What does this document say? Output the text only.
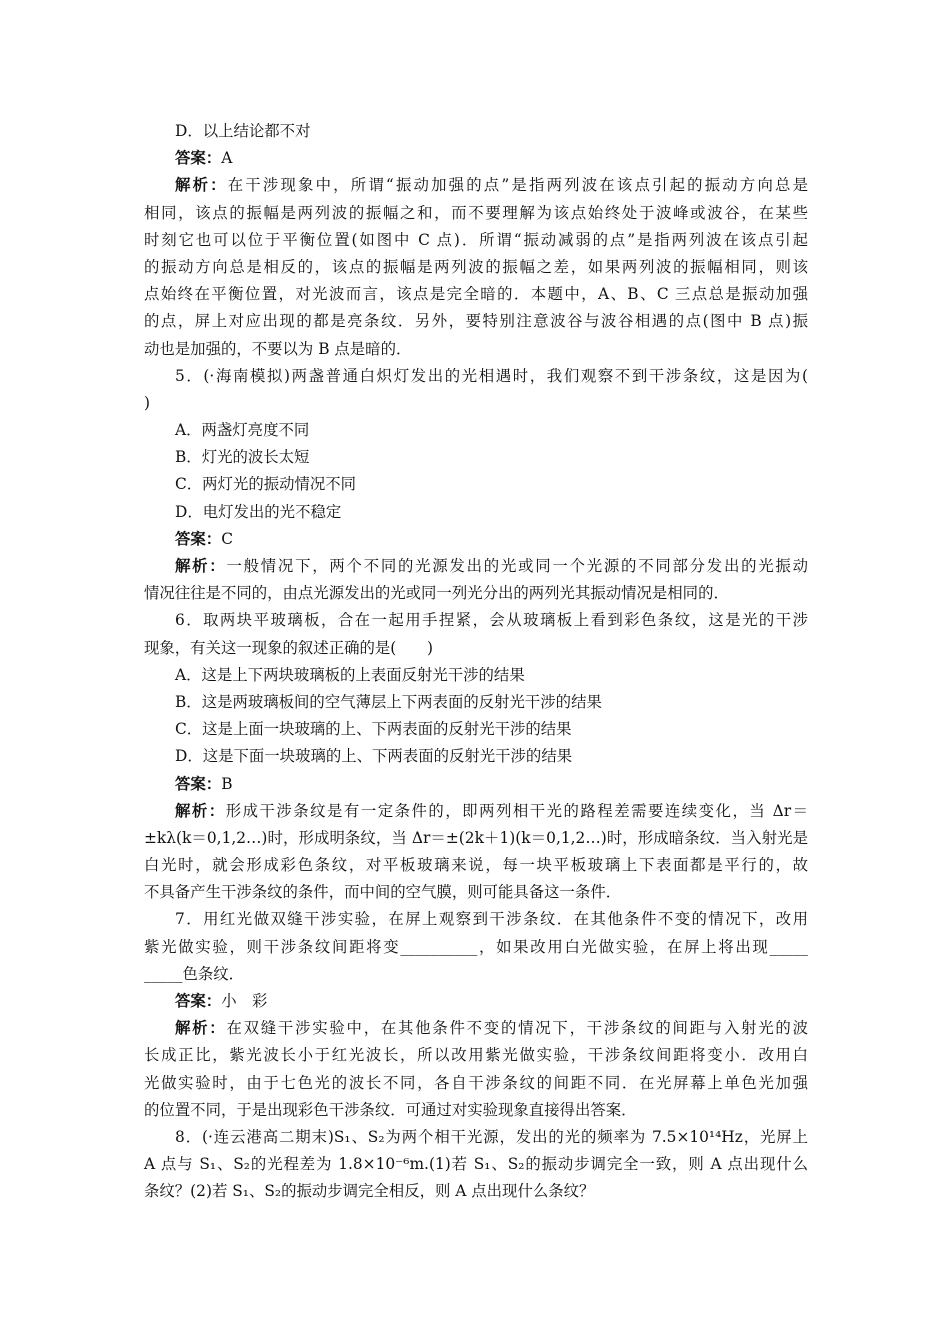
D．以上结论都不对
答案：A
解析：在干涉现象中，所谓“振动加强的点”是指两列波在该点引起的振动方向总是
相同，该点的振幅是两列波的振幅之和，而不要理解为该点始终处于波峰或波谷，在某些
时刻它也可以位于平衡位置(如图中 C 点)．所谓“振动减弱的点”是指两列波在该点引起
的振动方向总是相反的，该点的振幅是两列波的振幅之差，如果两列波的振幅相同，则该
点始终在平衡位置，对光波而言，该点是完全暗的．本题中，A、B、C 三点总是振动加强
的点，屏上对应出现的都是亮条纹．另外，要特别注意波谷与波谷相遇的点(图中 B 点)振
动也是加强的，不要以为 B 点是暗的．
5．(·海南模拟)两盏普通白炽灯发出的光相遇时，我们观察不到干涉条纹，这是因为(
)
A．两盏灯亮度不同
B．灯光的波长太短
C．两灯光的振动情况不同
D．电灯发出的光不稳定
答案：C
解析：一般情况下，两个不同的光源发出的光或同一个光源的不同部分发出的光振动
情况往往是不同的，由点光源发出的光或同一列光分出的两列光其振动情况是相同的．
6．取两块平玻璃板，合在一起用手捏紧，会从玻璃板上看到彩色条纹，这是光的干涉
现象，有关这一现象的叙述正确的是(　　)
A．这是上下两块玻璃板的上表面反射光干涉的结果
B．这是两玻璃板间的空气薄层上下两表面的反射光干涉的结果
C．这是上面一块玻璃的上、下两表面的反射光干涉的结果
D．这是下面一块玻璃的上、下两表面的反射光干涉的结果
答案：B
解析：形成干涉条纹是有一定条件的，即两列相干光的路程差需要连续变化，当 Δr＝
±kλ(k＝0,1,2…)时，形成明条纹，当 Δr＝±(2k＋1)(k＝0,1,2…)时，形成暗条纹．当入射光是
白光时，就会形成彩色条纹，对平板玻璃来说，每一块平板玻璃上下表面都是平行的，故
不具备产生干涉条纹的条件，而中间的空气膜，则可能具备这一条件．
7．用红光做双缝干涉实验，在屏上观察到干涉条纹．在其他条件不变的情况下，改用
紫光做实验，则干涉条纹间距将变__________，如果改用白光做实验，在屏上将出现_____
_____色条纹．
答案：小　彩
解析：在双缝干涉实验中，在其他条件不变的情况下，干涉条纹的间距与入射光的波
长成正比，紫光波长小于红光波长，所以改用紫光做实验，干涉条纹间距将变小．改用白
光做实验时，由于七色光的波长不同，各自干涉条纹的间距不同．在光屏幕上单色光加强
的位置不同，于是出现彩色干涉条纹．可通过对实验现象直接得出答案．
8．(·连云港高二期末)S₁、S₂为两个相干光源，发出的光的频率为 7.5×10¹⁴Hz，光屏上
A 点与 S₁、S₂的光程差为 1.8×10⁻⁶m.(1)若 S₁、S₂的振动步调完全一致，则 A 点出现什么
条纹？(2)若 S₁、S₂的振动步调完全相反，则 A 点出现什么条纹？
